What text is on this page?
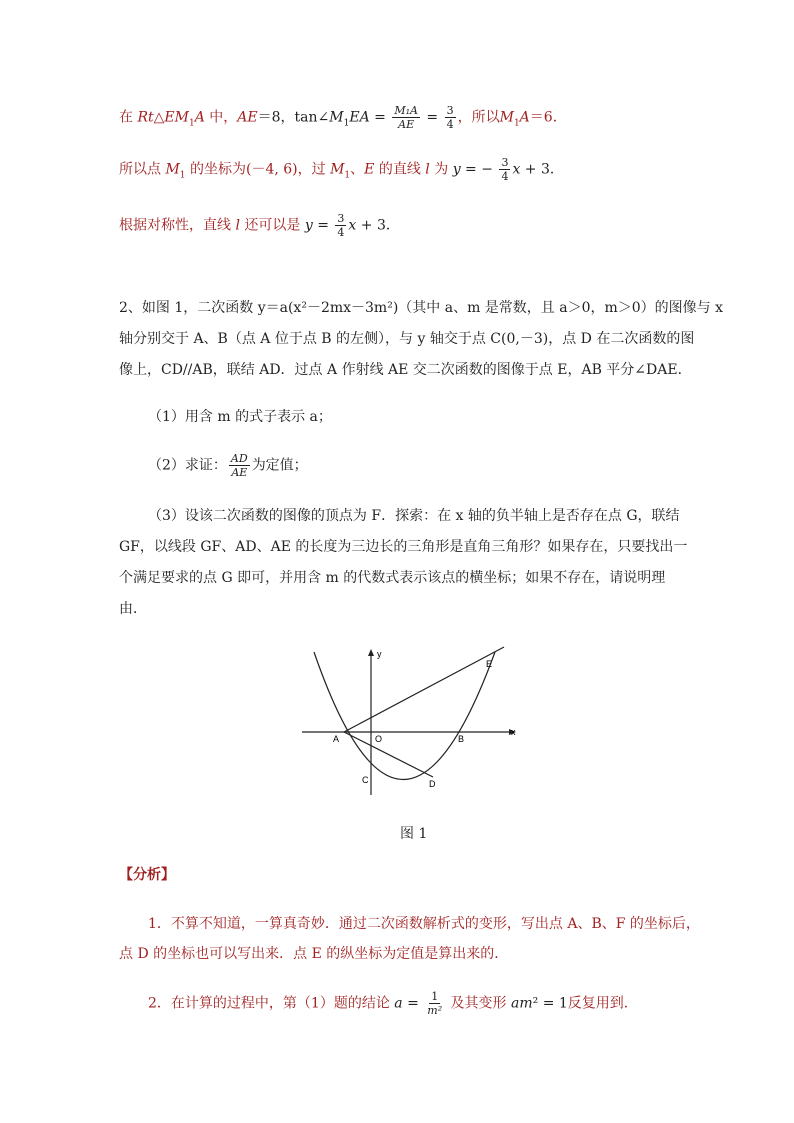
在 $Rt\triangle EM_1A$ 中，AE＝8，$\tan\angle M_1EA = \frac{\text{M₁A}}{AE} = \frac{3}{4}$ ，所以$M_1A=6$．
所以点 $M_1$ 的坐标为(－4, 6)，过 $M_1$、E 的直线 l 为 y = − $\frac{3}{4}$ x + 3．
根据对称性，直线 l 还可以是 $y = \frac{3}{4}$ x + 3．
2、如图 1，二次函数 y＝a(x²－2mx－3m²)（其中 a、m 是常数，且 a＞0，m＞0）的图像与 x
轴分别交于 A、B（点 A 位于点 B 的左侧），与 y 轴交于点 C(0,－3)，点 D 在二次函数的图
像上，CD//AB，联结 AD．过点 A 作射线 AE 交二次函数的图像于点 E，AB 平分∠DAE．
（1）用含 m 的式子表示 a；
（2）求证： $\frac{AD}{AE}$ 为定值；
（3）设该二次函数的图像的顶点为 F．探索：在 x 轴的负半轴上是否存在点 G，联结
GF，以线段 GF、AD、AE 的长度为三边长的三角形是直角三角形？如果存在，只要找出一
个满足要求的点 G 即可，并用含 m 的代数式表示该点的横坐标；如果不存在，请说明理
由．
y
x
A	O	B
C	D
E
图 1
【分析】
1．不算不知道，一算真奇妙．通过二次函数解析式的变形，写出点 A、B、F 的坐标后，
点 D 的坐标也可以写出来．点 E 的纵坐标为定值是算出来的．
2．在计算的过程中，第（1）题的结论 $a = \frac{1}{\text{m²}}$ 及其变形 am² = 1反复用到．
